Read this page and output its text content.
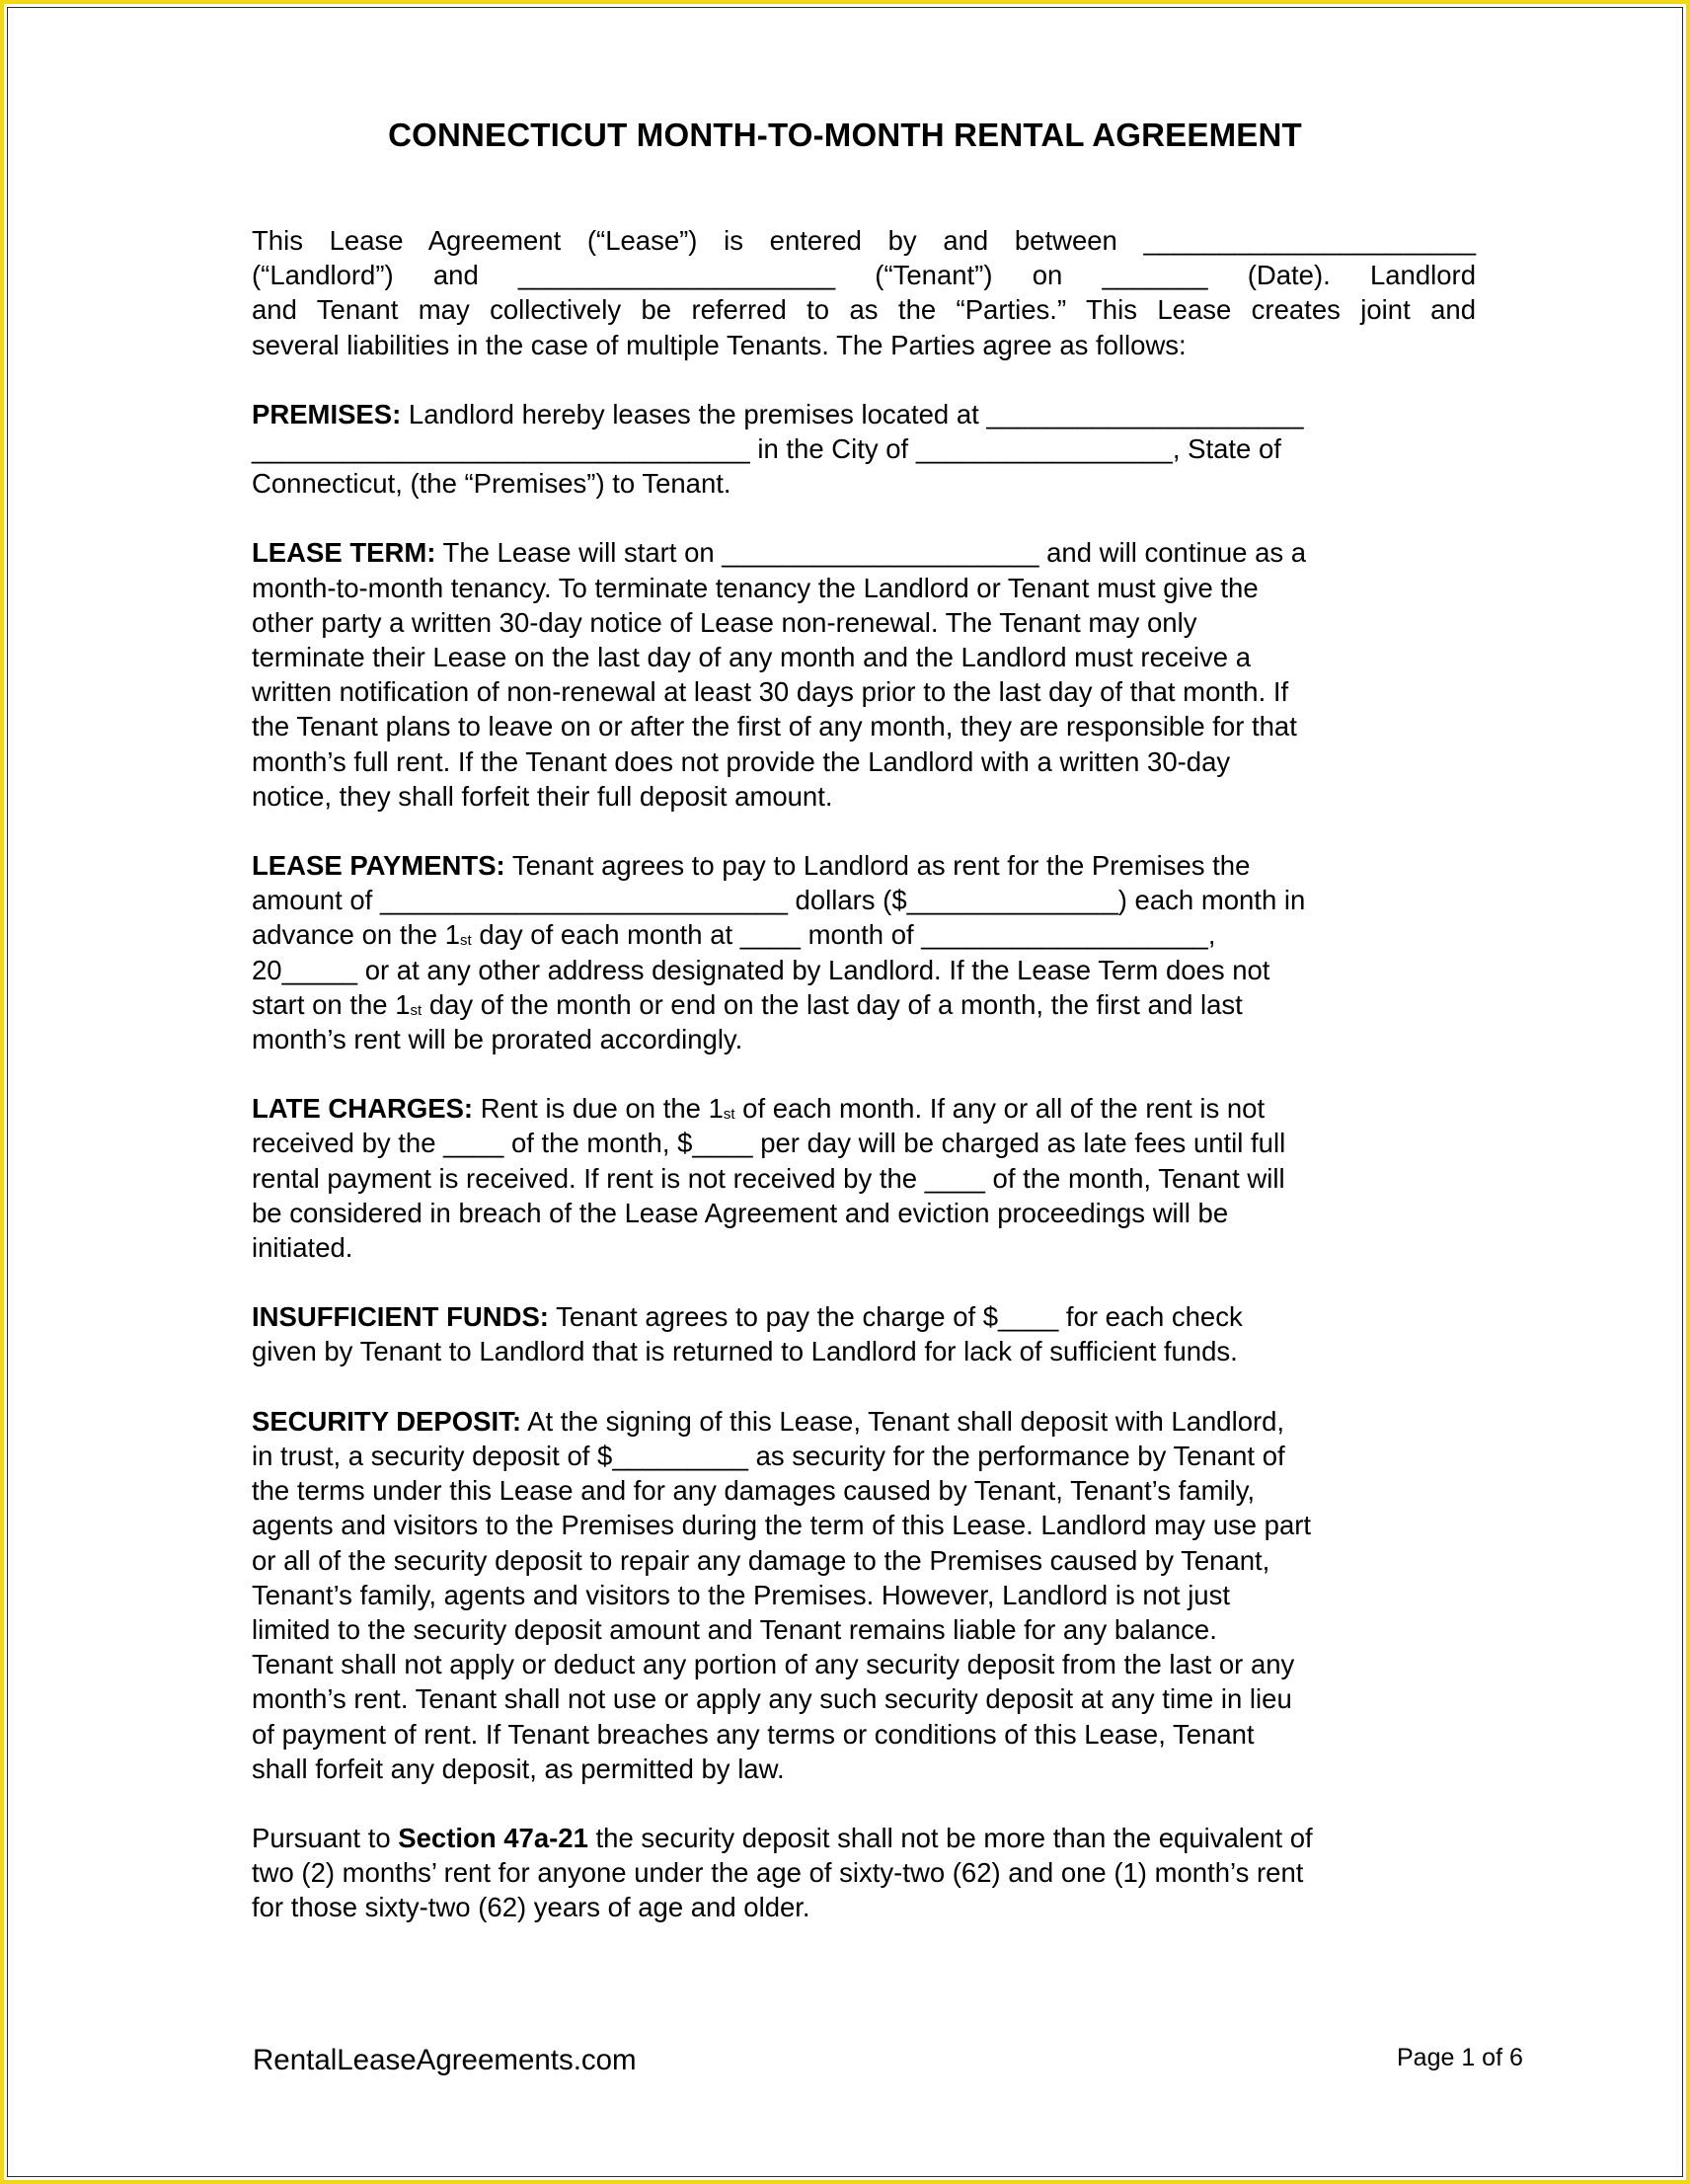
CONNECTICUT MONTH-TO-MONTH RENTAL AGREEMENT
This Lease Agreement (“Lease”) is entered by and between ______________________
(“Landlord”) and _____________________ (“Tenant”) on _______ (Date). Landlord
and Tenant may collectively be referred to as the “Parties.” This Lease creates joint and
several liabilities in the case of multiple Tenants. The Parties agree as follows:
PREMISES: Landlord hereby leases the premises located at _____________________
_________________________________ in the City of _________________, State of
Connecticut, (the “Premises”) to Tenant.
LEASE TERM: The Lease will start on _____________________ and will continue as a
month-to-month tenancy. To terminate tenancy the Landlord or Tenant must give the
other party a written 30-day notice of Lease non-renewal. The Tenant may only
terminate their Lease on the last day of any month and the Landlord must receive a
written notification of non-renewal at least 30 days prior to the last day of that month. If
the Tenant plans to leave on or after the first of any month, they are responsible for that
month’s full rent. If the Tenant does not provide the Landlord with a written 30-day
notice, they shall forfeit their full deposit amount.
LEASE PAYMENTS: Tenant agrees to pay to Landlord as rent for the Premises the
amount of ___________________________ dollars ($______________) each month in
advance on the 1st day of each month at ____ month of ___________________,
20_____ or at any other address designated by Landlord. If the Lease Term does not
start on the 1st day of the month or end on the last day of a month, the first and last
month’s rent will be prorated accordingly.
LATE CHARGES: Rent is due on the 1st of each month. If any or all of the rent is not
received by the ____ of the month, $____ per day will be charged as late fees until full
rental payment is received. If rent is not received by the ____ of the month, Tenant will
be considered in breach of the Lease Agreement and eviction proceedings will be
initiated.
INSUFFICIENT FUNDS: Tenant agrees to pay the charge of $____ for each check
given by Tenant to Landlord that is returned to Landlord for lack of sufficient funds.
SECURITY DEPOSIT: At the signing of this Lease, Tenant shall deposit with Landlord,
in trust, a security deposit of $_________ as security for the performance by Tenant of
the terms under this Lease and for any damages caused by Tenant, Tenant’s family,
agents and visitors to the Premises during the term of this Lease. Landlord may use part
or all of the security deposit to repair any damage to the Premises caused by Tenant,
Tenant’s family, agents and visitors to the Premises. However, Landlord is not just
limited to the security deposit amount and Tenant remains liable for any balance.
Tenant shall not apply or deduct any portion of any security deposit from the last or any
month’s rent. Tenant shall not use or apply any such security deposit at any time in lieu
of payment of rent. If Tenant breaches any terms or conditions of this Lease, Tenant
shall forfeit any deposit, as permitted by law.
Pursuant to Section 47a-21 the security deposit shall not be more than the equivalent of
two (2) months’ rent for anyone under the age of sixty-two (62) and one (1) month’s rent
for those sixty-two (62) years of age and older.
RentalLeaseAgreements.com	Page 1 of 6
